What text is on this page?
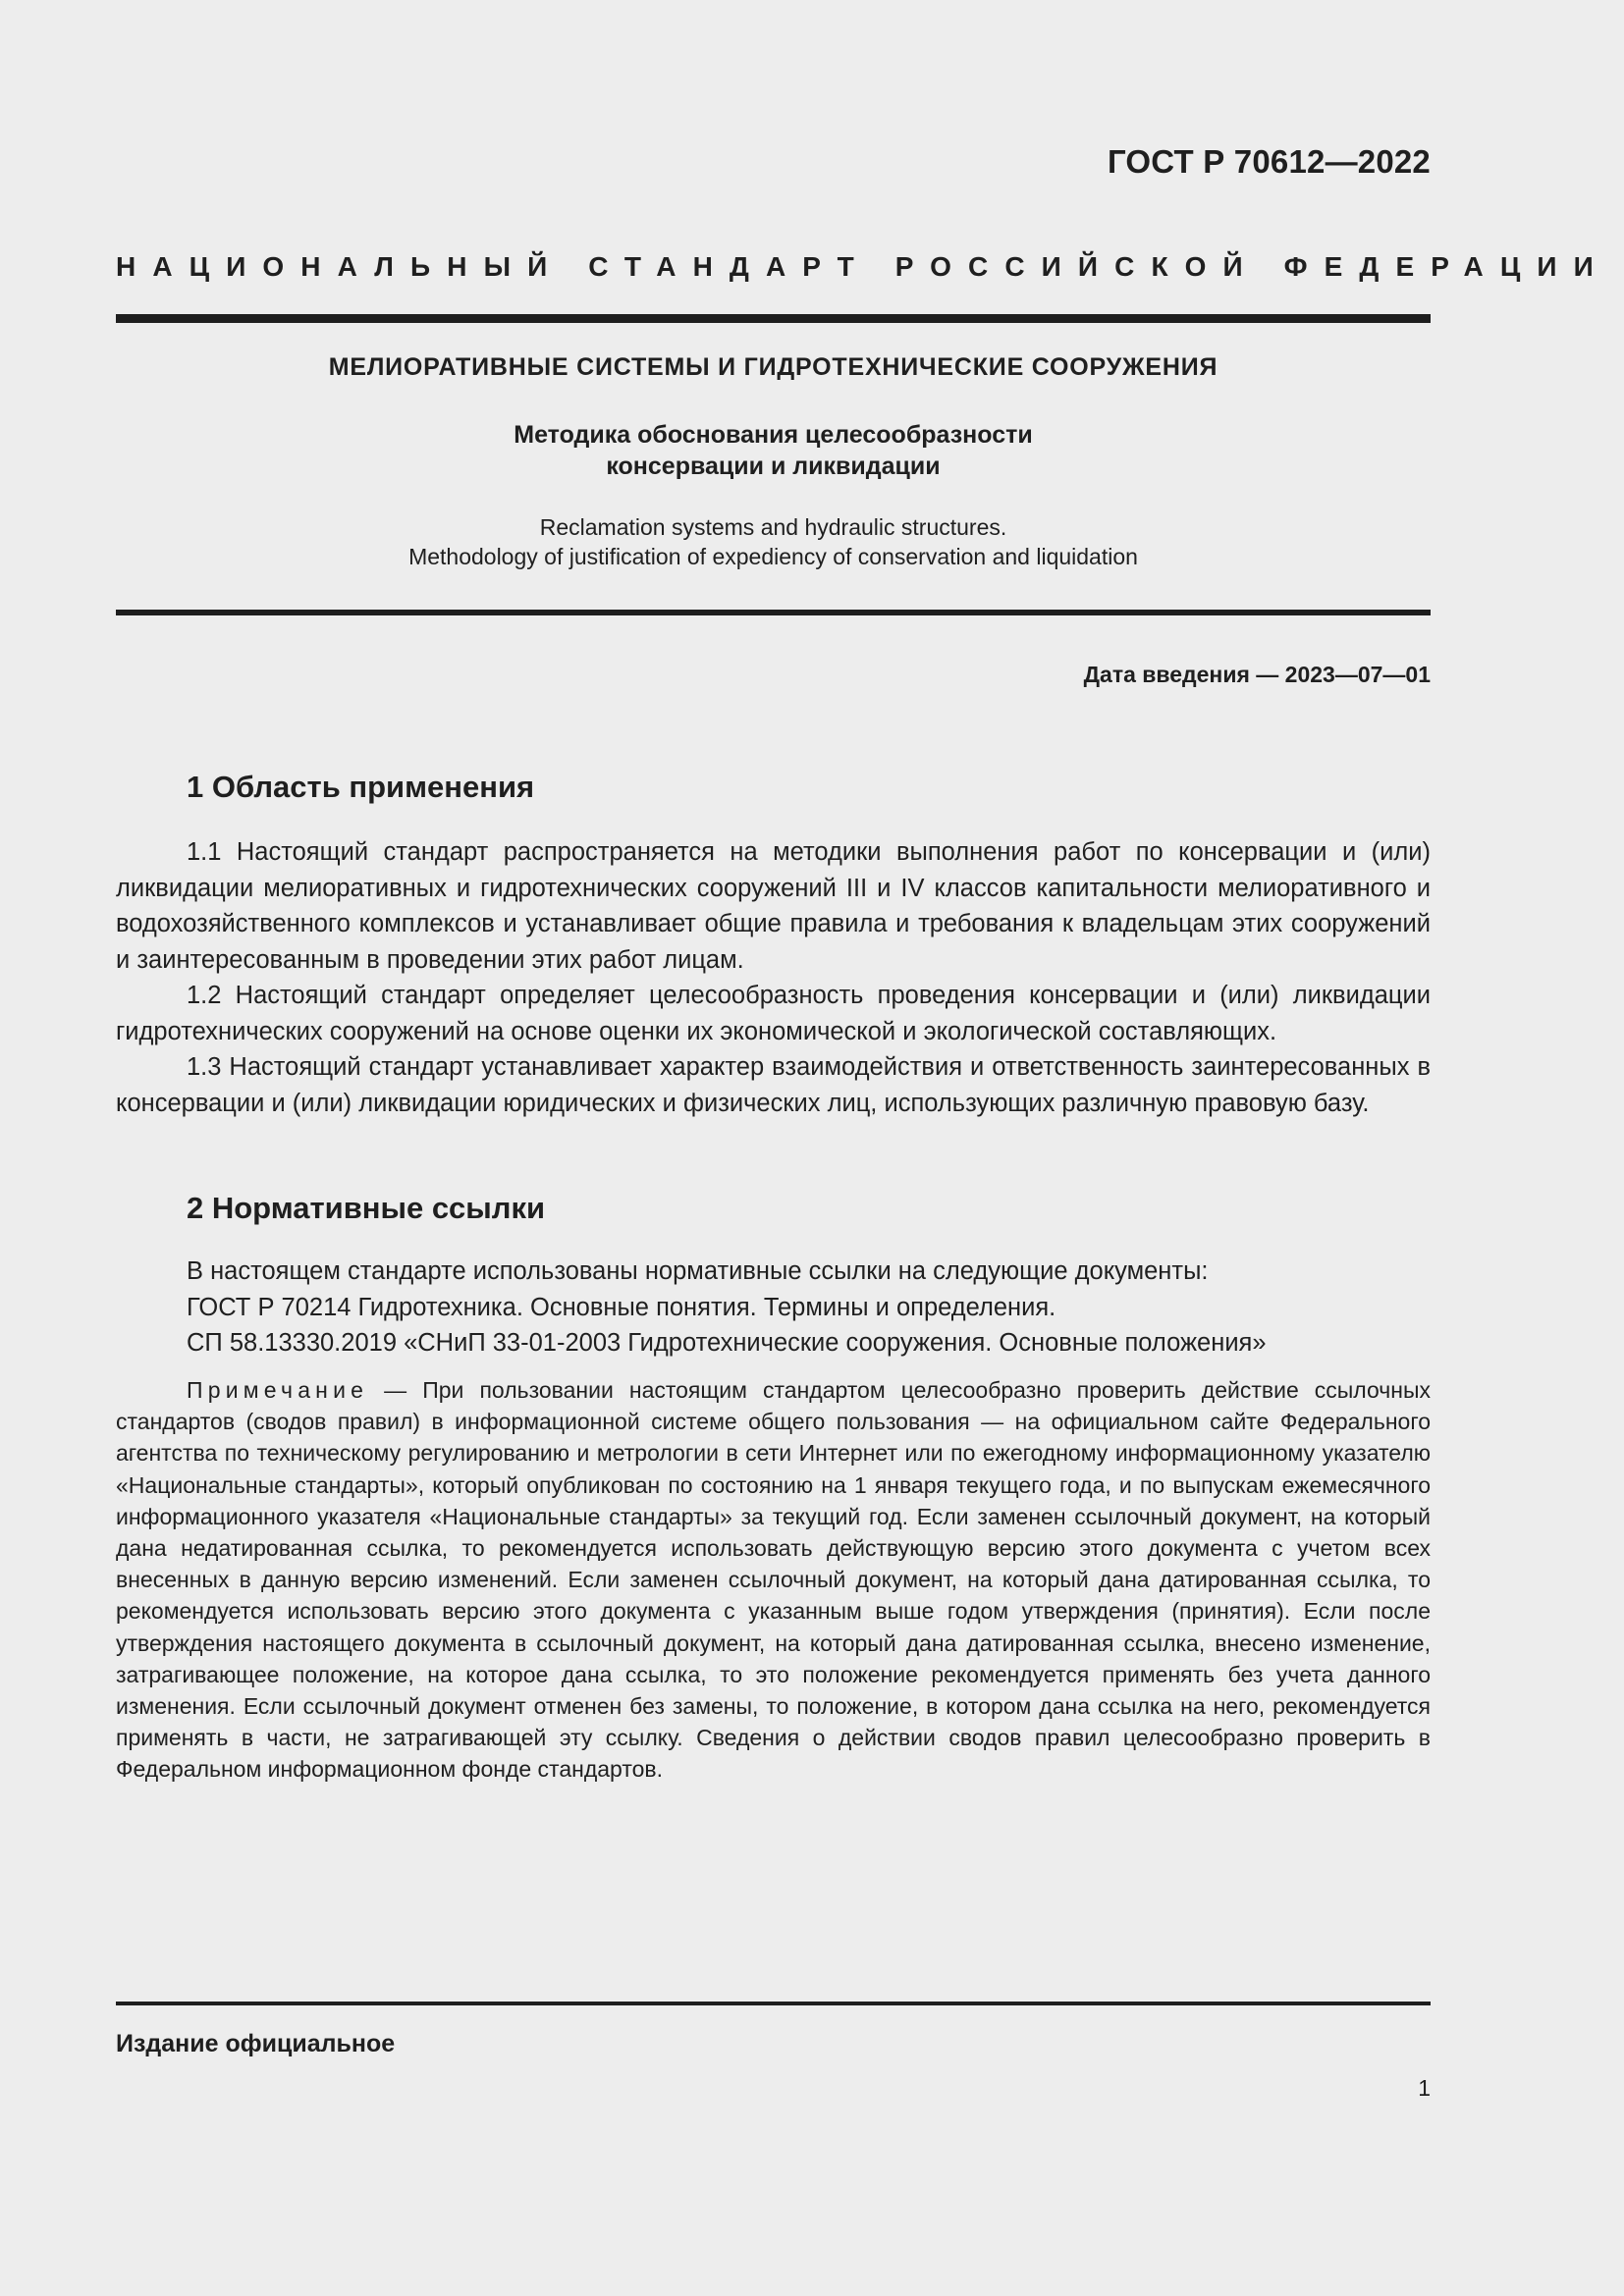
ГОСТ Р 70612—2022
НАЦИОНАЛЬНЫЙ СТАНДАРТ РОССИЙСКОЙ ФЕДЕРАЦИИ
МЕЛИОРАТИВНЫЕ СИСТЕМЫ И ГИДРОТЕХНИЧЕСКИЕ СООРУЖЕНИЯ
Методика обоснования целесообразности
консервации и ликвидации
Reclamation systems and hydraulic structures.
Methodology of justification of expediency of conservation and liquidation
Дата введения — 2023—07—01
1 Область применения

1.1 Настоящий стандарт распространяется на методики выполнения работ по консервации и (или) ликвидации мелиоративных и гидротехнических сооружений III и IV классов капитальности мелиоративного и водохозяйственного комплексов и устанавливает общие правила и требования к владельцам этих сооружений и заинтересованным в проведении этих работ лицам.

1.2 Настоящий стандарт определяет целесообразность проведения консервации и (или) ликвидации гидротехнических сооружений на основе оценки их экономической и экологической составляющих.

1.3 Настоящий стандарт устанавливает характер взаимодействия и ответственность заинтересованных в консервации и (или) ликвидации юридических и физических лиц, использующих различную правовую базу.

2 Нормативные ссылки
В настоящем стандарте использованы нормативные ссылки на следующие документы:
ГОСТ Р 70214 Гидротехника. Основные понятия. Термины и определения.
СП 58.13330.2019 «СНиП 33-01-2003 Гидротехнические сооружения. Основные положения»
Примечание — При пользовании настоящим стандартом целесообразно проверить действие ссылочных стандартов (сводов правил) в информационной системе общего пользования — на официальном сайте Федерального агентства по техническому регулированию и метрологии в сети Интернет или по ежегодному информационному указателю «Национальные стандарты», который опубликован по состоянию на 1 января текущего года, и по выпускам ежемесячного информационного указателя «Национальные стандарты» за текущий год. Если заменен ссылочный документ, на который дана недатированная ссылка, то рекомендуется использовать действующую версию этого документа с учетом всех внесенных в данную версию изменений. Если заменен ссылочный документ, на который дана датированная ссылка, то рекомендуется использовать версию этого документа с указанным выше годом утверждения (принятия). Если после утверждения настоящего документа в ссылочный документ, на который дана датированная ссылка, внесено изменение, затрагивающее положение, на которое дана ссылка, то это положение рекомендуется применять без учета данного изменения. Если ссылочный документ отменен без замены, то положение, в котором дана ссылка на него, рекомендуется применять в части, не затрагивающей эту ссылку. Сведения о действии сводов правил целесообразно проверить в Федеральном информационном фонде стандартов.
Издание официальное
1
